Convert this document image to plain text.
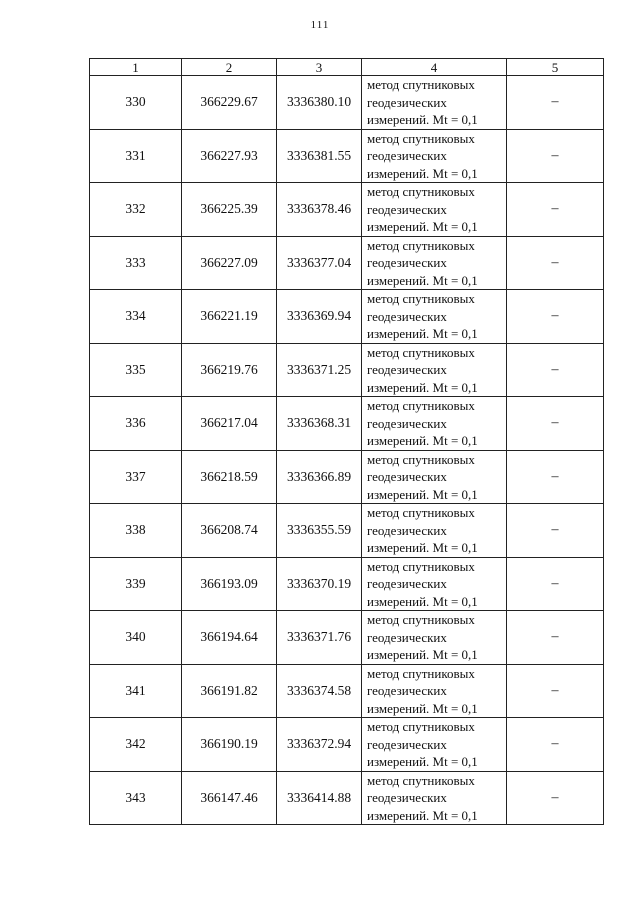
111
1	2	3	4	5
330	366229.67	3336380.10	метод спутниковых
геодезических
измерений. Mt = 0,1	–
331	366227.93	3336381.55	метод спутниковых
геодезических
измерений. Mt = 0,1	–
332	366225.39	3336378.46	метод спутниковых
геодезических
измерений. Mt = 0,1	–
333	366227.09	3336377.04	метод спутниковых
геодезических
измерений. Mt = 0,1	–
334	366221.19	3336369.94	метод спутниковых
геодезических
измерений. Mt = 0,1	–
335	366219.76	3336371.25	метод спутниковых
геодезических
измерений. Mt = 0,1	–
336	366217.04	3336368.31	метод спутниковых
геодезических
измерений. Mt = 0,1	–
337	366218.59	3336366.89	метод спутниковых
геодезических
измерений. Mt = 0,1	–
338	366208.74	3336355.59	метод спутниковых
геодезических
измерений. Mt = 0,1	–
339	366193.09	3336370.19	метод спутниковых
геодезических
измерений. Mt = 0,1	–
340	366194.64	3336371.76	метод спутниковых
геодезических
измерений. Mt = 0,1	–
341	366191.82	3336374.58	метод спутниковых
геодезических
измерений. Mt = 0,1	–
342	366190.19	3336372.94	метод спутниковых
геодезических
измерений. Mt = 0,1	–
343	366147.46	3336414.88	метод спутниковых
геодезических
измерений. Mt = 0,1	–
